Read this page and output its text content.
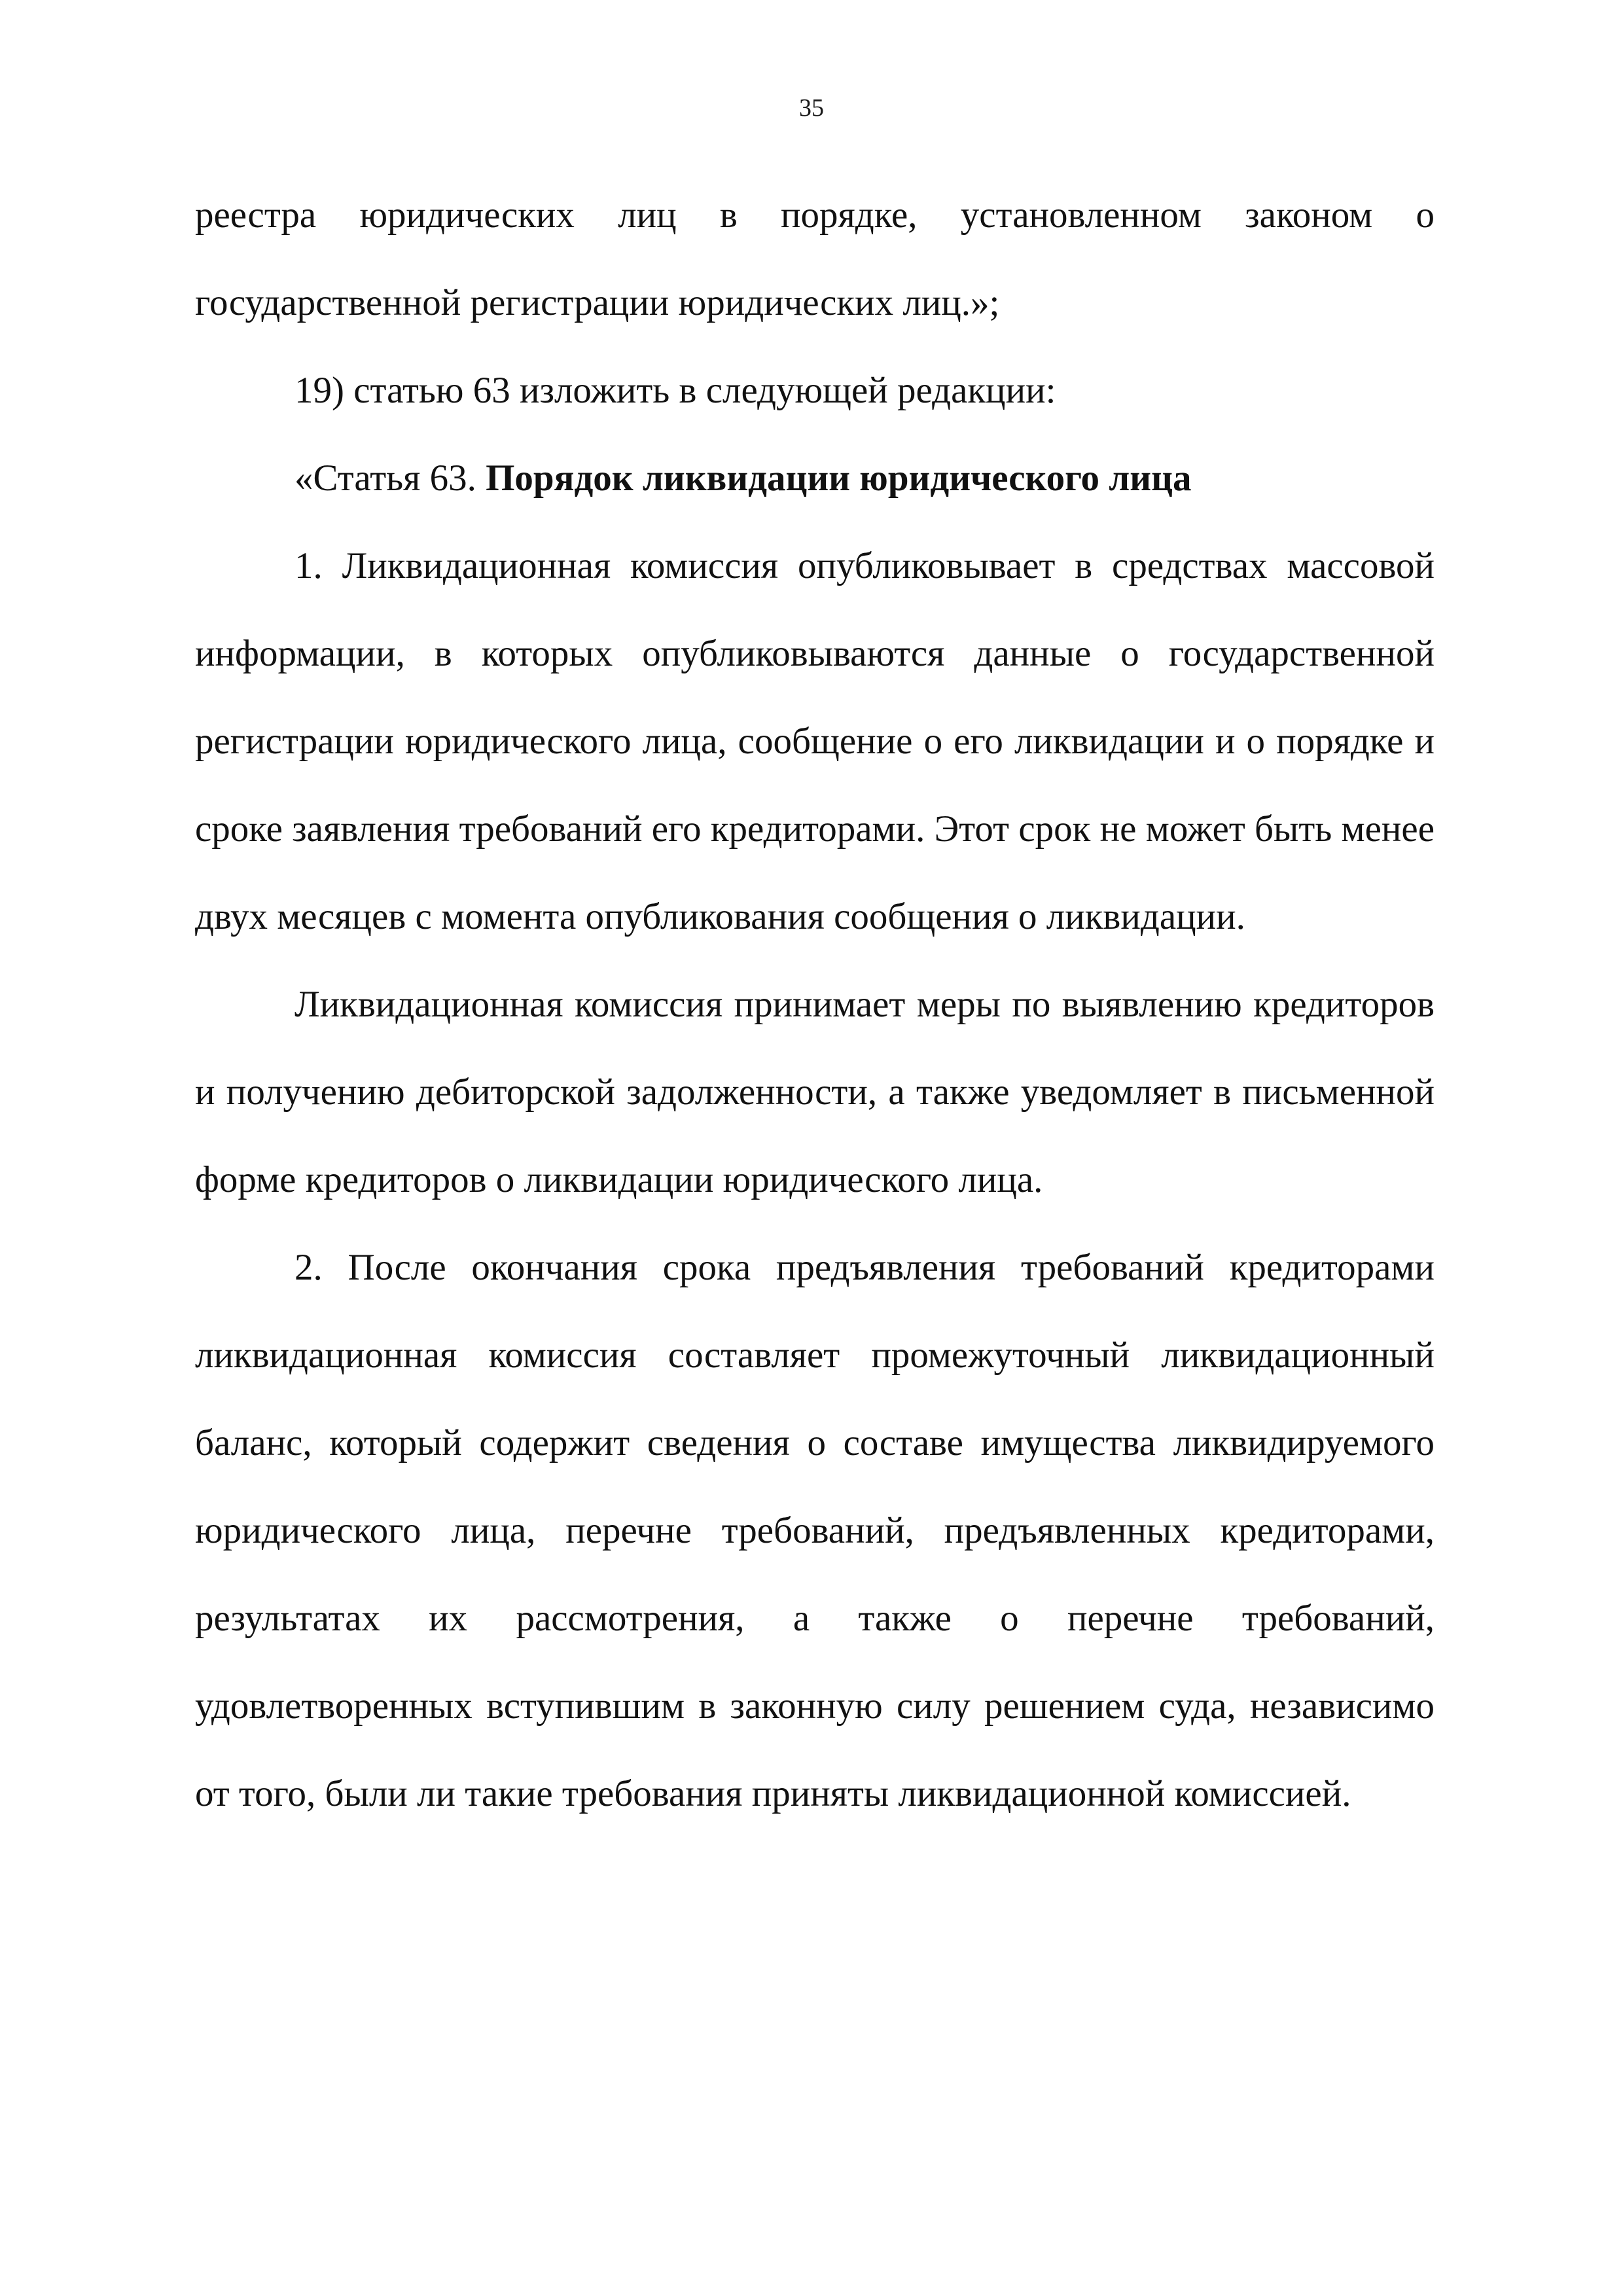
35

реестра юридических лиц в порядке, установленном законом о государственной регистрации юридических лиц.»;

19) статью 63 изложить в следующей редакции:

«Статья 63. Порядок ликвидации юридического лица

1. Ликвидационная комиссия опубликовывает в средствах массовой информации, в которых опубликовываются данные о государственной регистрации юридического лица, сообщение о его ликвидации и о порядке и сроке заявления требований его кредиторами. Этот срок не может быть менее двух месяцев с момента опубликования сообщения о ликвидации.

Ликвидационная комиссия принимает меры по выявлению кредиторов и получению дебиторской задолженности, а также уведомляет в письменной форме кредиторов о ликвидации юридического лица.

2. После окончания срока предъявления требований кредиторами ликвидационная комиссия составляет промежуточный ликвидационный баланс, который содержит сведения о составе имущества ликвидируемого юридического лица, перечне требований, предъявленных кредиторами, результатах их рассмотрения, а также о перечне требований, удовлетворенных вступившим в законную силу решением суда, независимо от того, были ли такие требования приняты ликвидационной комиссией.
